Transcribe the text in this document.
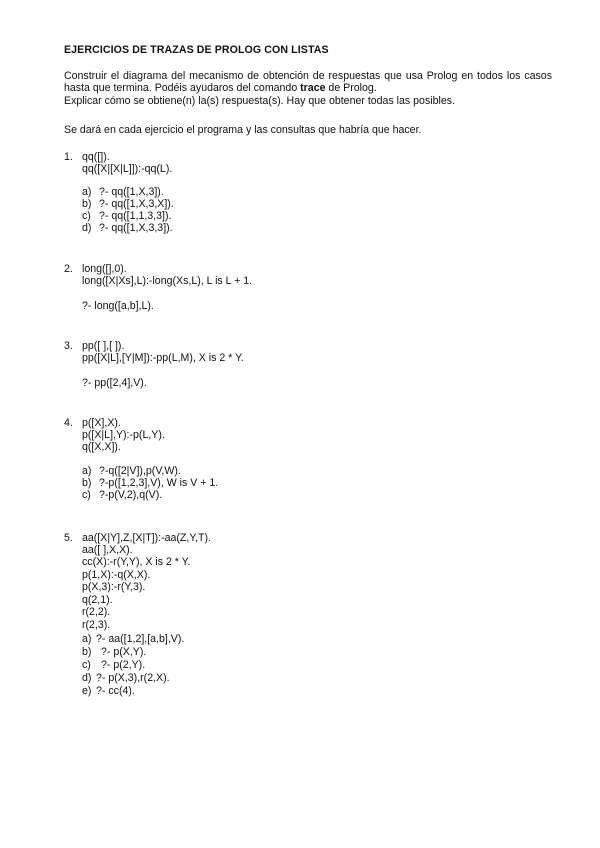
EJERCICIOS DE TRAZAS DE PROLOG CON LISTAS
Construir el diagrama del mecanismo de obtención de respuestas que usa Prolog en todos los casos hasta que termina. Podéis ayudaros del comando trace de Prolog.
Explicar cómo se obtiene(n) la(s) respuesta(s). Hay que obtener todas las posibles.
Se dará en cada ejercicio el programa y las consultas que habría que hacer.
1. qq([]).
qq([X|[X|L]]):-qq(L).
a) ?- qq([1,X,3]).
b) ?- qq([1,X,3,X]).
c) ?- qq([1,1,3,3]).
d) ?- qq([1,X,3,3]).
2. long([],0).
long([X|Xs],L):-long(Xs,L), L is L + 1.
?- long([a,b],L).
3. pp([ ],[ ]).
pp([X|L],[Y|M]):-pp(L,M), X is 2 * Y.
?- pp([2,4],V).
4. p([X],X).
p([X|L],Y):-p(L,Y).
q([X,X]).
a) ?-q([2|V]),p(V,W).
b) ?-p([1,2,3],V), W is V + 1.
c) ?-p(V,2),q(V).
5. aa([X|Y],Z,[X|T]):-aa(Z,Y,T).
aa([ ],X,X).
cc(X):-r(Y,Y), X is 2 * Y.
p(1,X):-q(X,X).
p(X,3):-r(Y,3).
q(2,1).
r(2,2).
r(2,3).
a) ?- aa([1,2],[a,b],V).
b) ?- p(X,Y).
c) ?- p(2,Y).
d) ?- p(X,3),r(2,X).
e) ?- cc(4).
